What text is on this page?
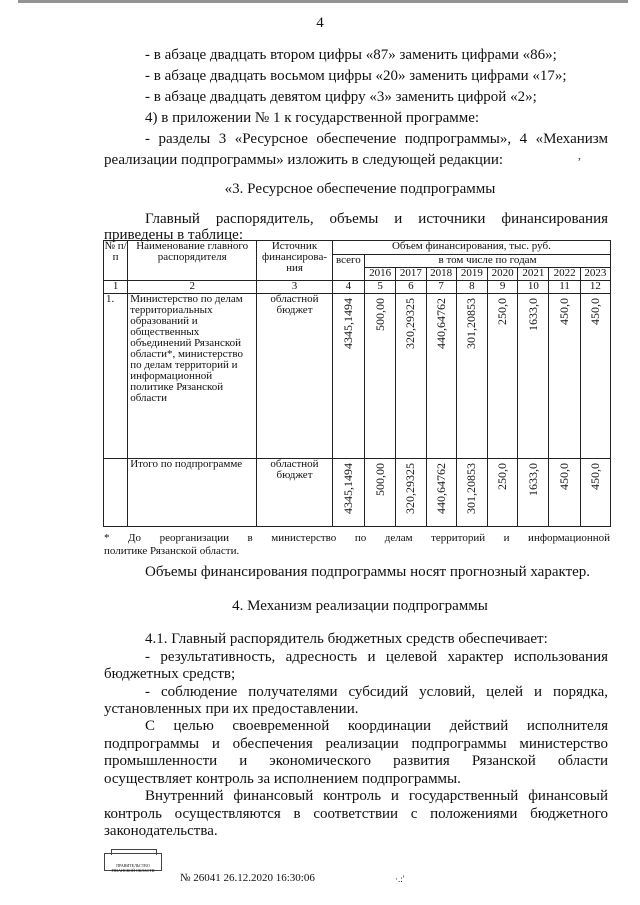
4
- в абзаце двадцать втором цифры «87» заменить цифрами «86»;
- в абзаце двадцать восьмом цифры «20» заменить цифрами «17»;
- в абзаце двадцать девятом цифру «3» заменить цифрой «2»;
4) в приложении № 1 к государственной программе:
- разделы 3 «Ресурсное обеспечение подпрограммы», 4 «Механизм
реализации подпрограммы» изложить в следующей редакции:	,
«3. Ресурсное обеспечение подпрограммы
Главный распорядитель, объемы и источники финансирования
приведены в таблице:
№ п/п	Наименование главного распорядителя	Источник финансирова-ния	Объем финансирования, тыс. руб.								
			всего	в том числе по годам							
				2016	2017	2018	2019	2020	2021	2022	2023
1	2	3	4	5	6	7	8	9	10	11	12
1.	Министерство по делам территориальных образований и общественных объединений Рязанской области*, министерство по делам территорий и информационной политике Рязанской области	областной бюджет	4345,1494	500,00	320,29325	440,64762	301,20853	250,0	1633,0	450,0	450,0
	Итого по подпрограмме	областной бюджет	4345,1494	500,00	320,29325	440,64762	301,20853	250,0	1633,0	450,0	450,0
* До реорганизации в министерство по делам территорий и информационной
политике Рязанской области.
Объемы финансирования подпрограммы носят прогнозный характер.
4. Механизм реализации подпрограммы
4.1. Главный распорядитель бюджетных средств обеспечивает:
- результативность, адресность и целевой характер использования
бюджетных средств;
- соблюдение получателями субсидий условий, целей и порядка,
установленных при их предоставлении.
С целью своевременной координации действий исполнителя
подпрограммы и обеспечения реализации подпрограммы министерство
промышленности и экономического развития Рязанской области
осуществляет контроль за исполнением подпрограммы.
Внутренний финансовый контроль и государственный финансовый
контроль осуществляются в соответствии с положениями бюджетного
законодательства.
ПРАВИТЕЛЬСТВО РЯЗАНСКОЙ ОБЛАСТИ
№ 26041 26.12.2020 16:30:06	·.:'
